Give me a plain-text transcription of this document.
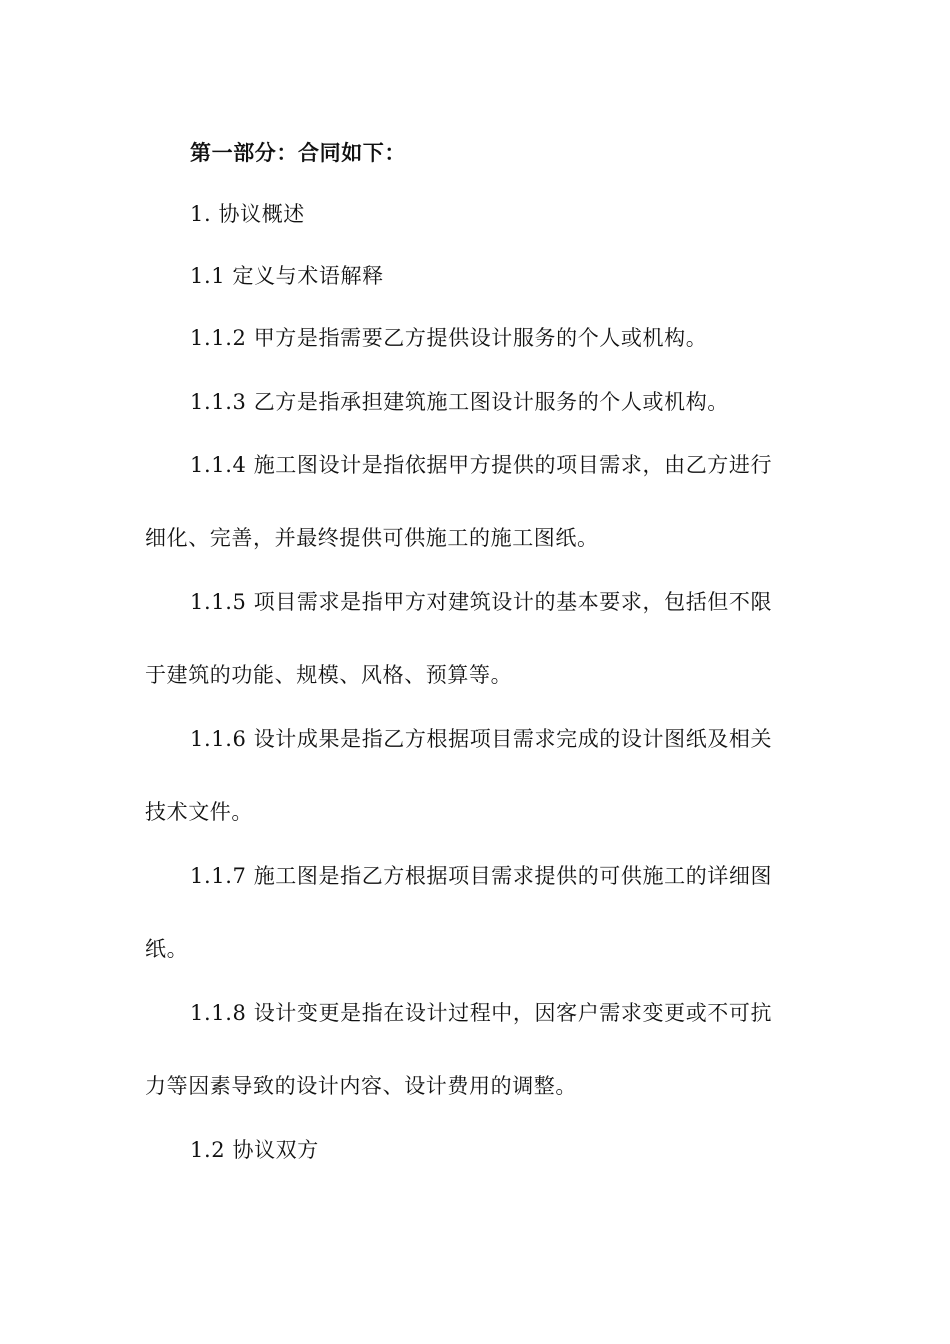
第一部分：合同如下：
1. 协议概述
1.1 定义与术语解释
1.1.2 甲方是指需要乙方提供设计服务的个人或机构。
1.1.3 乙方是指承担建筑施工图设计服务的个人或机构。
1.1.4 施工图设计是指依据甲方提供的项目需求，由乙方进行
细化、完善，并最终提供可供施工的施工图纸。
1.1.5 项目需求是指甲方对建筑设计的基本要求，包括但不限
于建筑的功能、规模、风格、预算等。
1.1.6 设计成果是指乙方根据项目需求完成的设计图纸及相关
技术文件。
1.1.7 施工图是指乙方根据项目需求提供的可供施工的详细图
纸。
1.1.8 设计变更是指在设计过程中，因客户需求变更或不可抗
力等因素导致的设计内容、设计费用的调整。
1.2 协议双方
